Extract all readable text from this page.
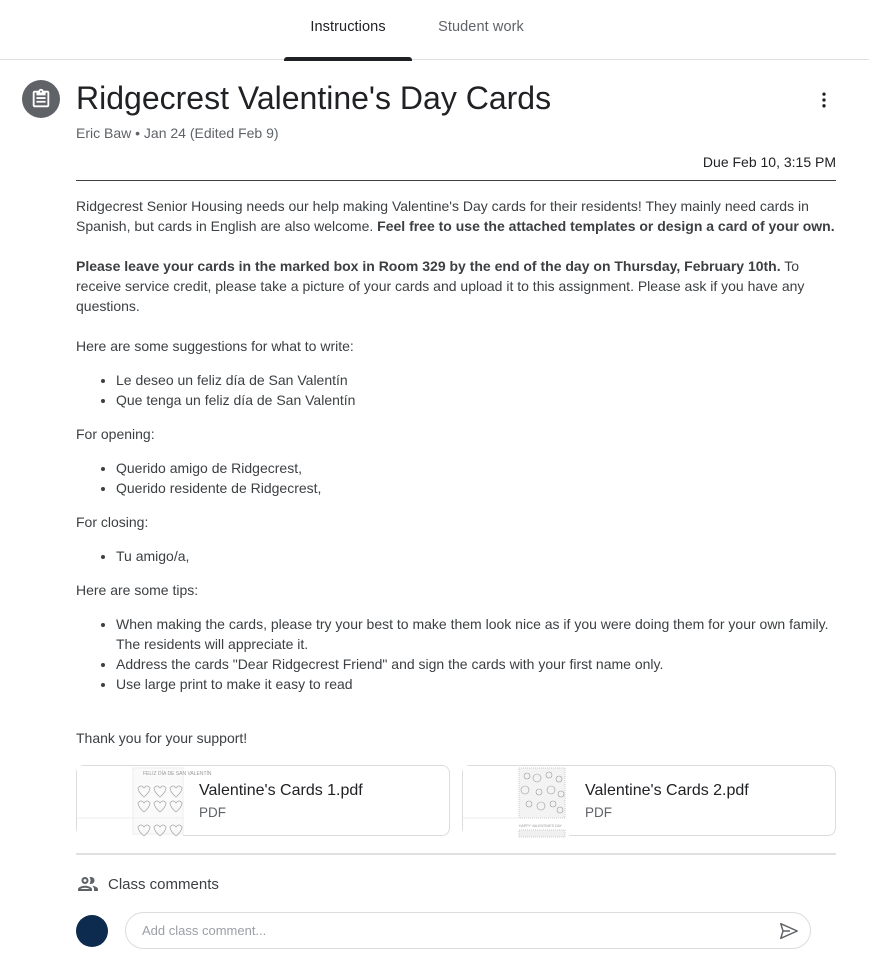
Instructions	Student work
Ridgecrest Valentine's Day Cards
Eric Baw • Jan 24 (Edited Feb 9)
Due Feb 10, 3:15 PM

Ridgecrest Senior Housing needs our help making Valentine's Day cards for their residents! They mainly need cards in Spanish, but cards in English are also welcome. Feel free to use the attached templates or design a card of your own.

Please leave your cards in the marked box in Room 329 by the end of the day on Thursday, February 10th. To receive service credit, please take a picture of your cards and upload it to this assignment. Please ask if you have any questions.

Here are some suggestions for what to write:

• Le deseo un feliz día de San Valentín
• Que tenga un feliz día de San Valentín

For opening:

• Querido amigo de Ridgecrest,
• Querido residente de Ridgecrest,

For closing:

• Tu amigo/a,

Here are some tips:

• When making the cards, please try your best to make them look nice as if you were doing them for your own family. The residents will appreciate it.
• Address the cards "Dear Ridgecrest Friend" and sign the cards with your first name only.
• Use large print to make it easy to read

Thank you for your support!

FELIZ DÍA DE SAN VALENTÍN
Valentine's Cards 1.pdf
PDF
HAPPY VALENTINE'S DAY
Valentine's Cards 2.pdf
PDF
Class comments
Add class comment...
